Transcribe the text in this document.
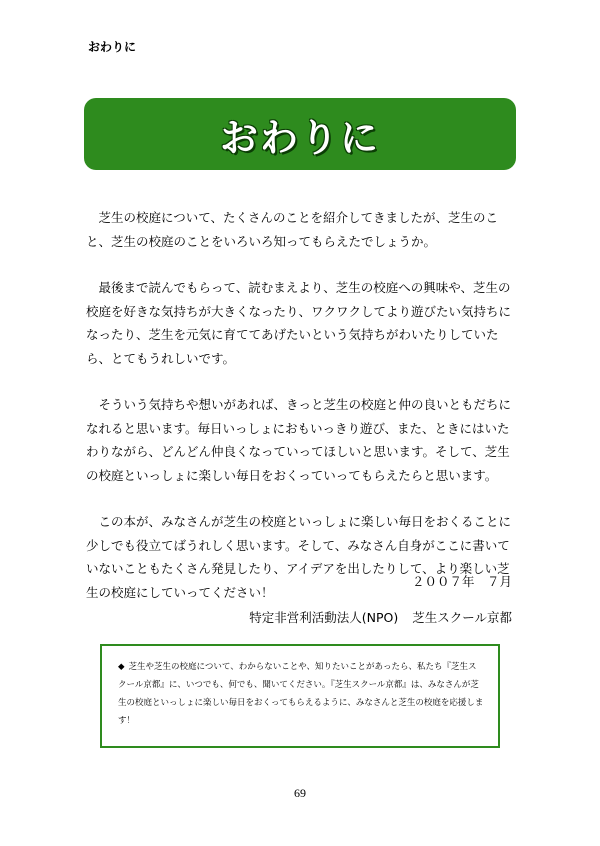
おわりに
おわりに

芝生の校庭について、たくさんのことを紹介してきましたが、芝生のこと、芝生の校庭のことをいろいろ知ってもらえたでしょうか。

最後まで読んでもらって、読むまえより、芝生の校庭への興味や、芝生の校庭を好きな気持ちが大きくなったり、ワクワクしてより遊びたい気持ちになったり、芝生を元気に育ててあげたいという気持ちがわいたりしていたら、とてもうれしいです。

そういう気持ちや想いがあれば、きっと芝生の校庭と仲の良いともだちになれると思います。毎日いっしょにおもいっきり遊び、また、ときにはいたわりながら、どんどん仲良くなっていってほしいと思います。そして、芝生の校庭といっしょに楽しい毎日をおくっていってもらえたらと思います。

この本が、みなさんが芝生の校庭といっしょに楽しい毎日をおくることに少しでも役立てばうれしく思います。そして、みなさん自身がここに書いていないこともたくさん発見したり、アイデアを出したりして、より楽しい芝生の校庭にしていってください！

２００７年　７月
特定非営利活動法人(NPO) 芝生スクール京都
◆ 芝生や芝生の校庭について、わからないことや、知りたいことがあったら、私たち『芝生スクール京都』に、いつでも、何でも、聞いてください。『芝生スクール京都』は、みなさんが芝生の校庭といっしょに楽しい毎日をおくってもらえるように、みなさんと芝生の校庭を応援します！
69
